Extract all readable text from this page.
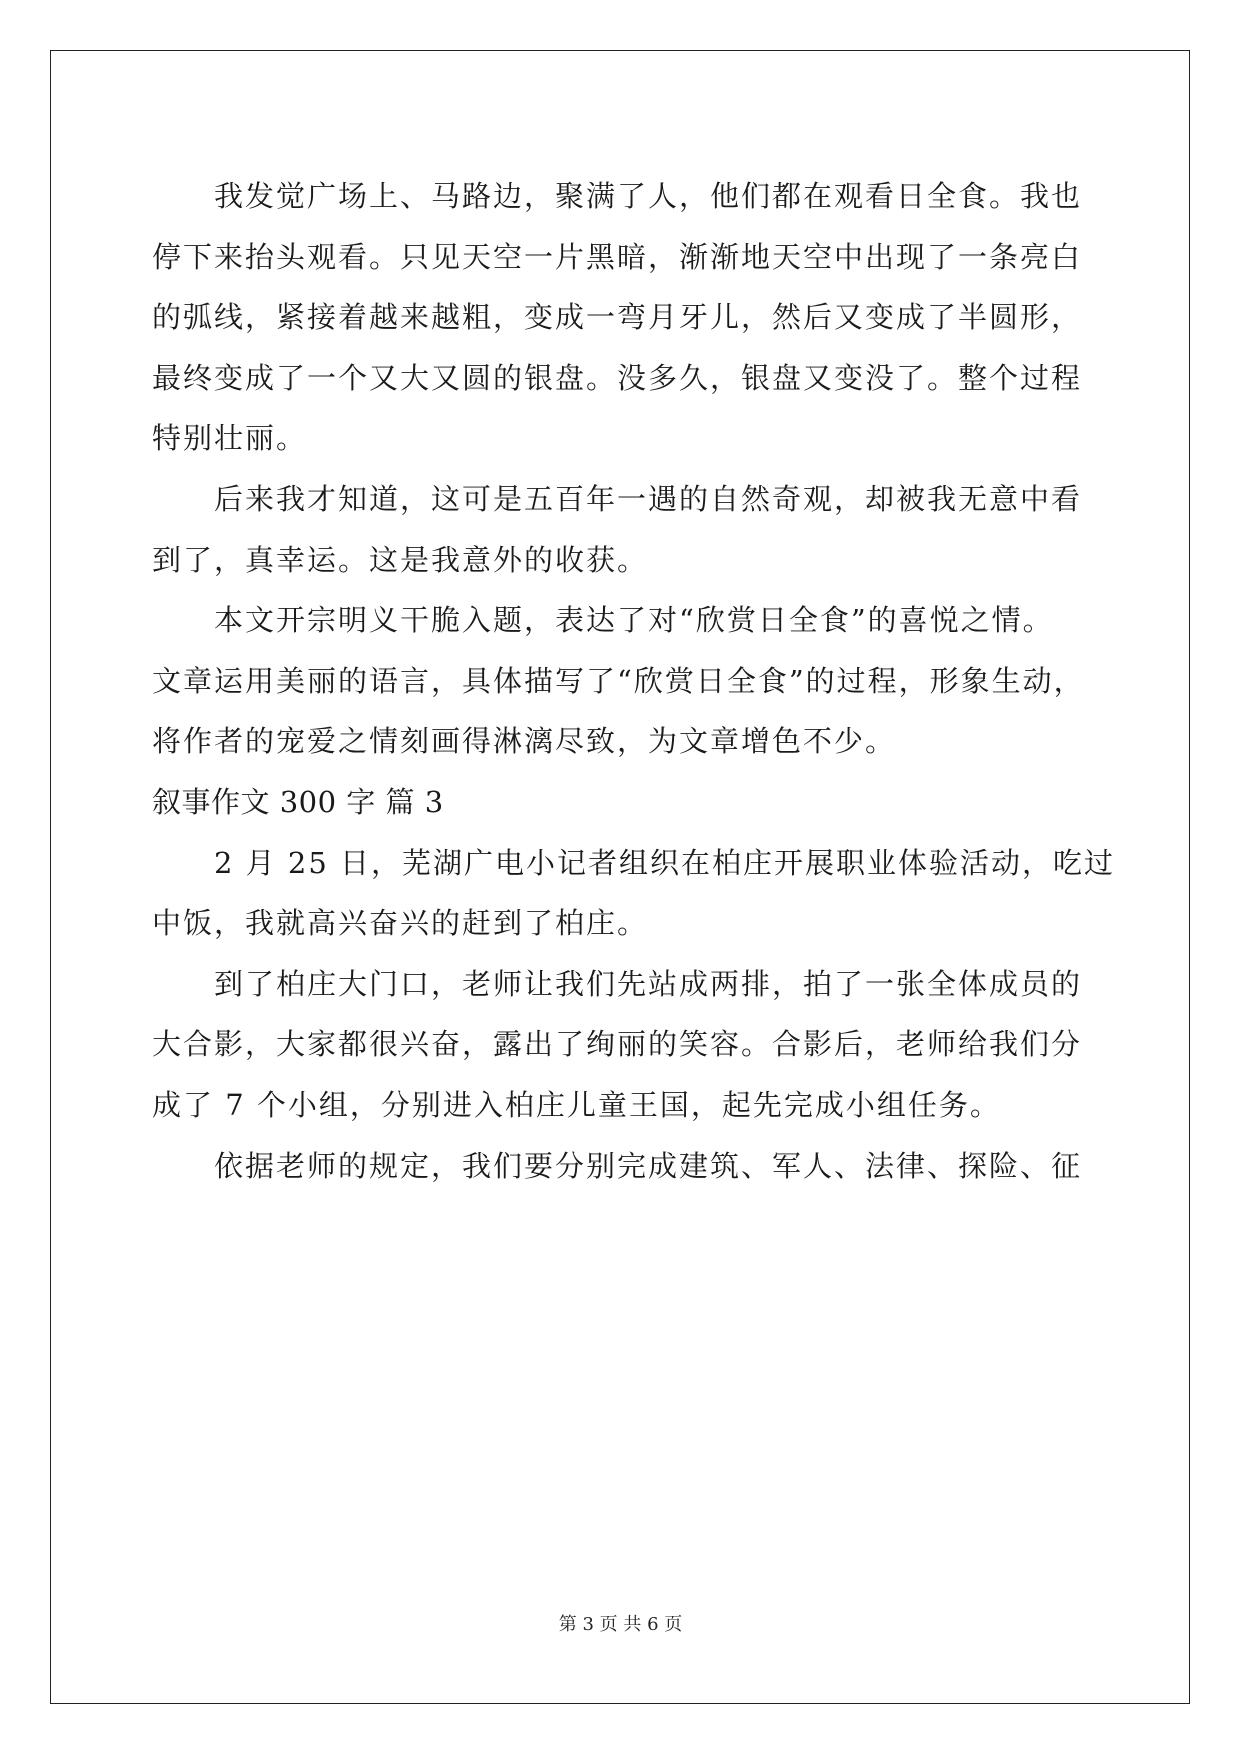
我发觉广场上、马路边，聚满了人，他们都在观看日全食。我也
停下来抬头观看。只见天空一片黑暗，渐渐地天空中出现了一条亮白
的弧线，紧接着越来越粗，变成一弯月牙儿，然后又变成了半圆形，
最终变成了一个又大又圆的银盘。没多久，银盘又变没了。整个过程
特别壮丽。
后来我才知道，这可是五百年一遇的自然奇观，却被我无意中看
到了，真幸运。这是我意外的收获。
本文开宗明义干脆入题，表达了对“欣赏日全食”的喜悦之情。
文章运用美丽的语言，具体描写了“欣赏日全食”的过程，形象生动，
将作者的宠爱之情刻画得淋漓尽致，为文章增色不少。
叙事作文 300 字 篇 3
2 月 25 日，芜湖广电小记者组织在柏庄开展职业体验活动，吃过
中饭，我就高兴奋兴的赶到了柏庄。
到了柏庄大门口，老师让我们先站成两排，拍了一张全体成员的
大合影，大家都很兴奋，露出了绚丽的笑容。合影后，老师给我们分
成了 7 个小组，分别进入柏庄儿童王国，起先完成小组任务。
依据老师的规定，我们要分别完成建筑、军人、法律、探险、征
第 3 页 共 6 页
